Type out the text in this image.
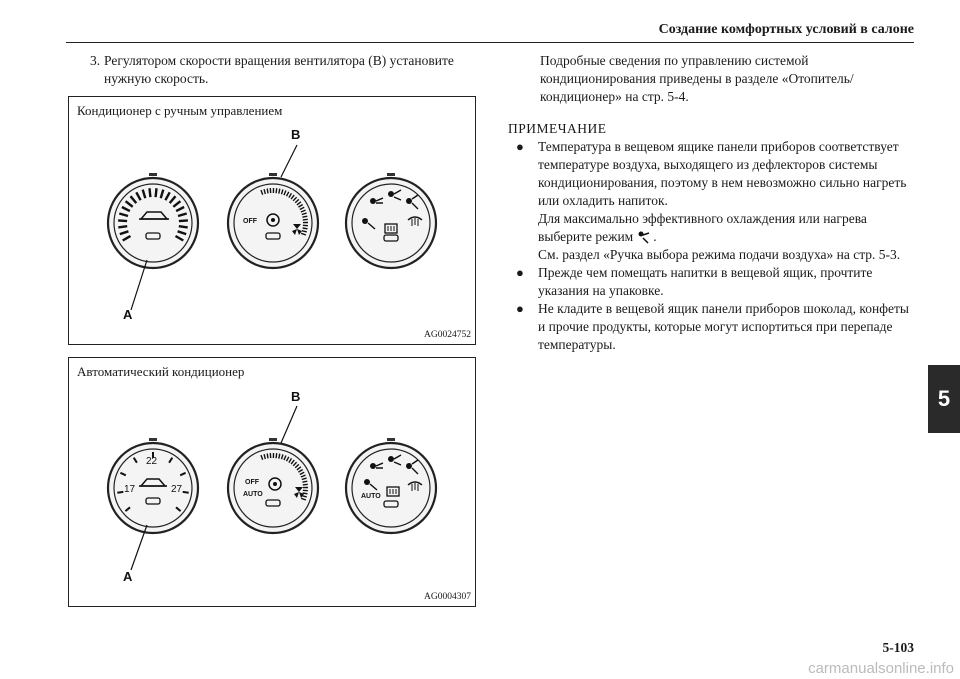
Создание комфортных условий в салоне
3. Регулятором скорости вращения вентилятора (B) установите нужную скорость.
Кондиционер с ручным управлением
OFF
A
B
AG0024752
Автоматический кондиционер
22
17	27
OFF
AUTO	AUTO
A
B
AG0004307
Подробные сведения по управлению системой кондиционирования приведены в разделе «Отопитель/кондиционер» на стр. 5-4.
ПРИМЕЧАНИЕ
● Температура в вещевом ящике панели приборов соответствует температуре воздуха, выходящего из дефлекторов системы кондиционирования, поэтому в нем невозможно сильно нагреть или охладить напиток.
Для максимально эффективного охлаждения или нагрева выберите режим .
См. раздел «Ручка выбора режима подачи воздуха» на стр. 5-3.
● Прежде чем помещать напитки в вещевой ящик, прочтите указания на упаковке.
● Не кладите в вещевой ящик панели приборов шоколад, конфеты и прочие продукты, которые могут испортиться при перепаде температуры.
5
5-103
carmanualsonline.info
